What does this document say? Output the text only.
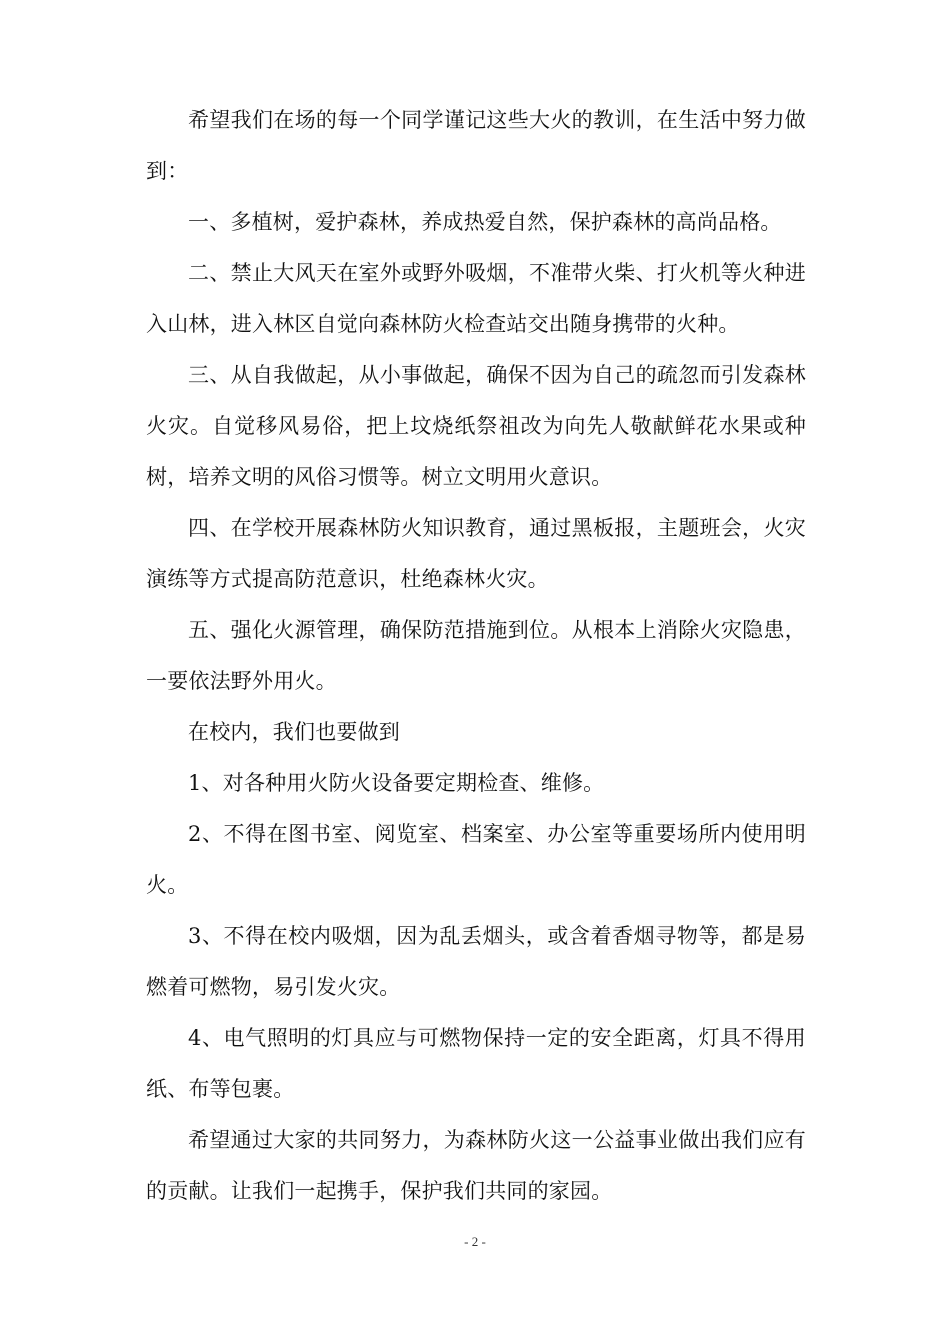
希望我们在场的每一个同学谨记这些大火的教训，在生活中努力做到：

一、多植树，爱护森林，养成热爱自然，保护森林的高尚品格。

二、禁止大风天在室外或野外吸烟，不准带火柴、打火机等火种进入山林，进入林区自觉向森林防火检查站交出随身携带的火种。

三、从自我做起，从小事做起，确保不因为自己的疏忽而引发森林火灾。自觉移风易俗，把上坟烧纸祭祖改为向先人敬献鲜花水果或种树，培养文明的风俗习惯等。树立文明用火意识。

四、在学校开展森林防火知识教育，通过黑板报，主题班会，火灾演练等方式提高防范意识，杜绝森林火灾。

五、强化火源管理，确保防范措施到位。从根本上消除火灾隐患，一要依法野外用火。

在校内，我们也要做到

1、对各种用火防火设备要定期检查、维修。

2、不得在图书室、阅览室、档案室、办公室等重要场所内使用明火。

3、不得在校内吸烟，因为乱丢烟头，或含着香烟寻物等，都是易燃着可燃物，易引发火灾。

4、电气照明的灯具应与可燃物保持一定的安全距离，灯具不得用纸、布等包裹。

希望通过大家的共同努力，为森林防火这一公益事业做出我们应有的贡献。让我们一起携手，保护我们共同的家园。

- 2 -
